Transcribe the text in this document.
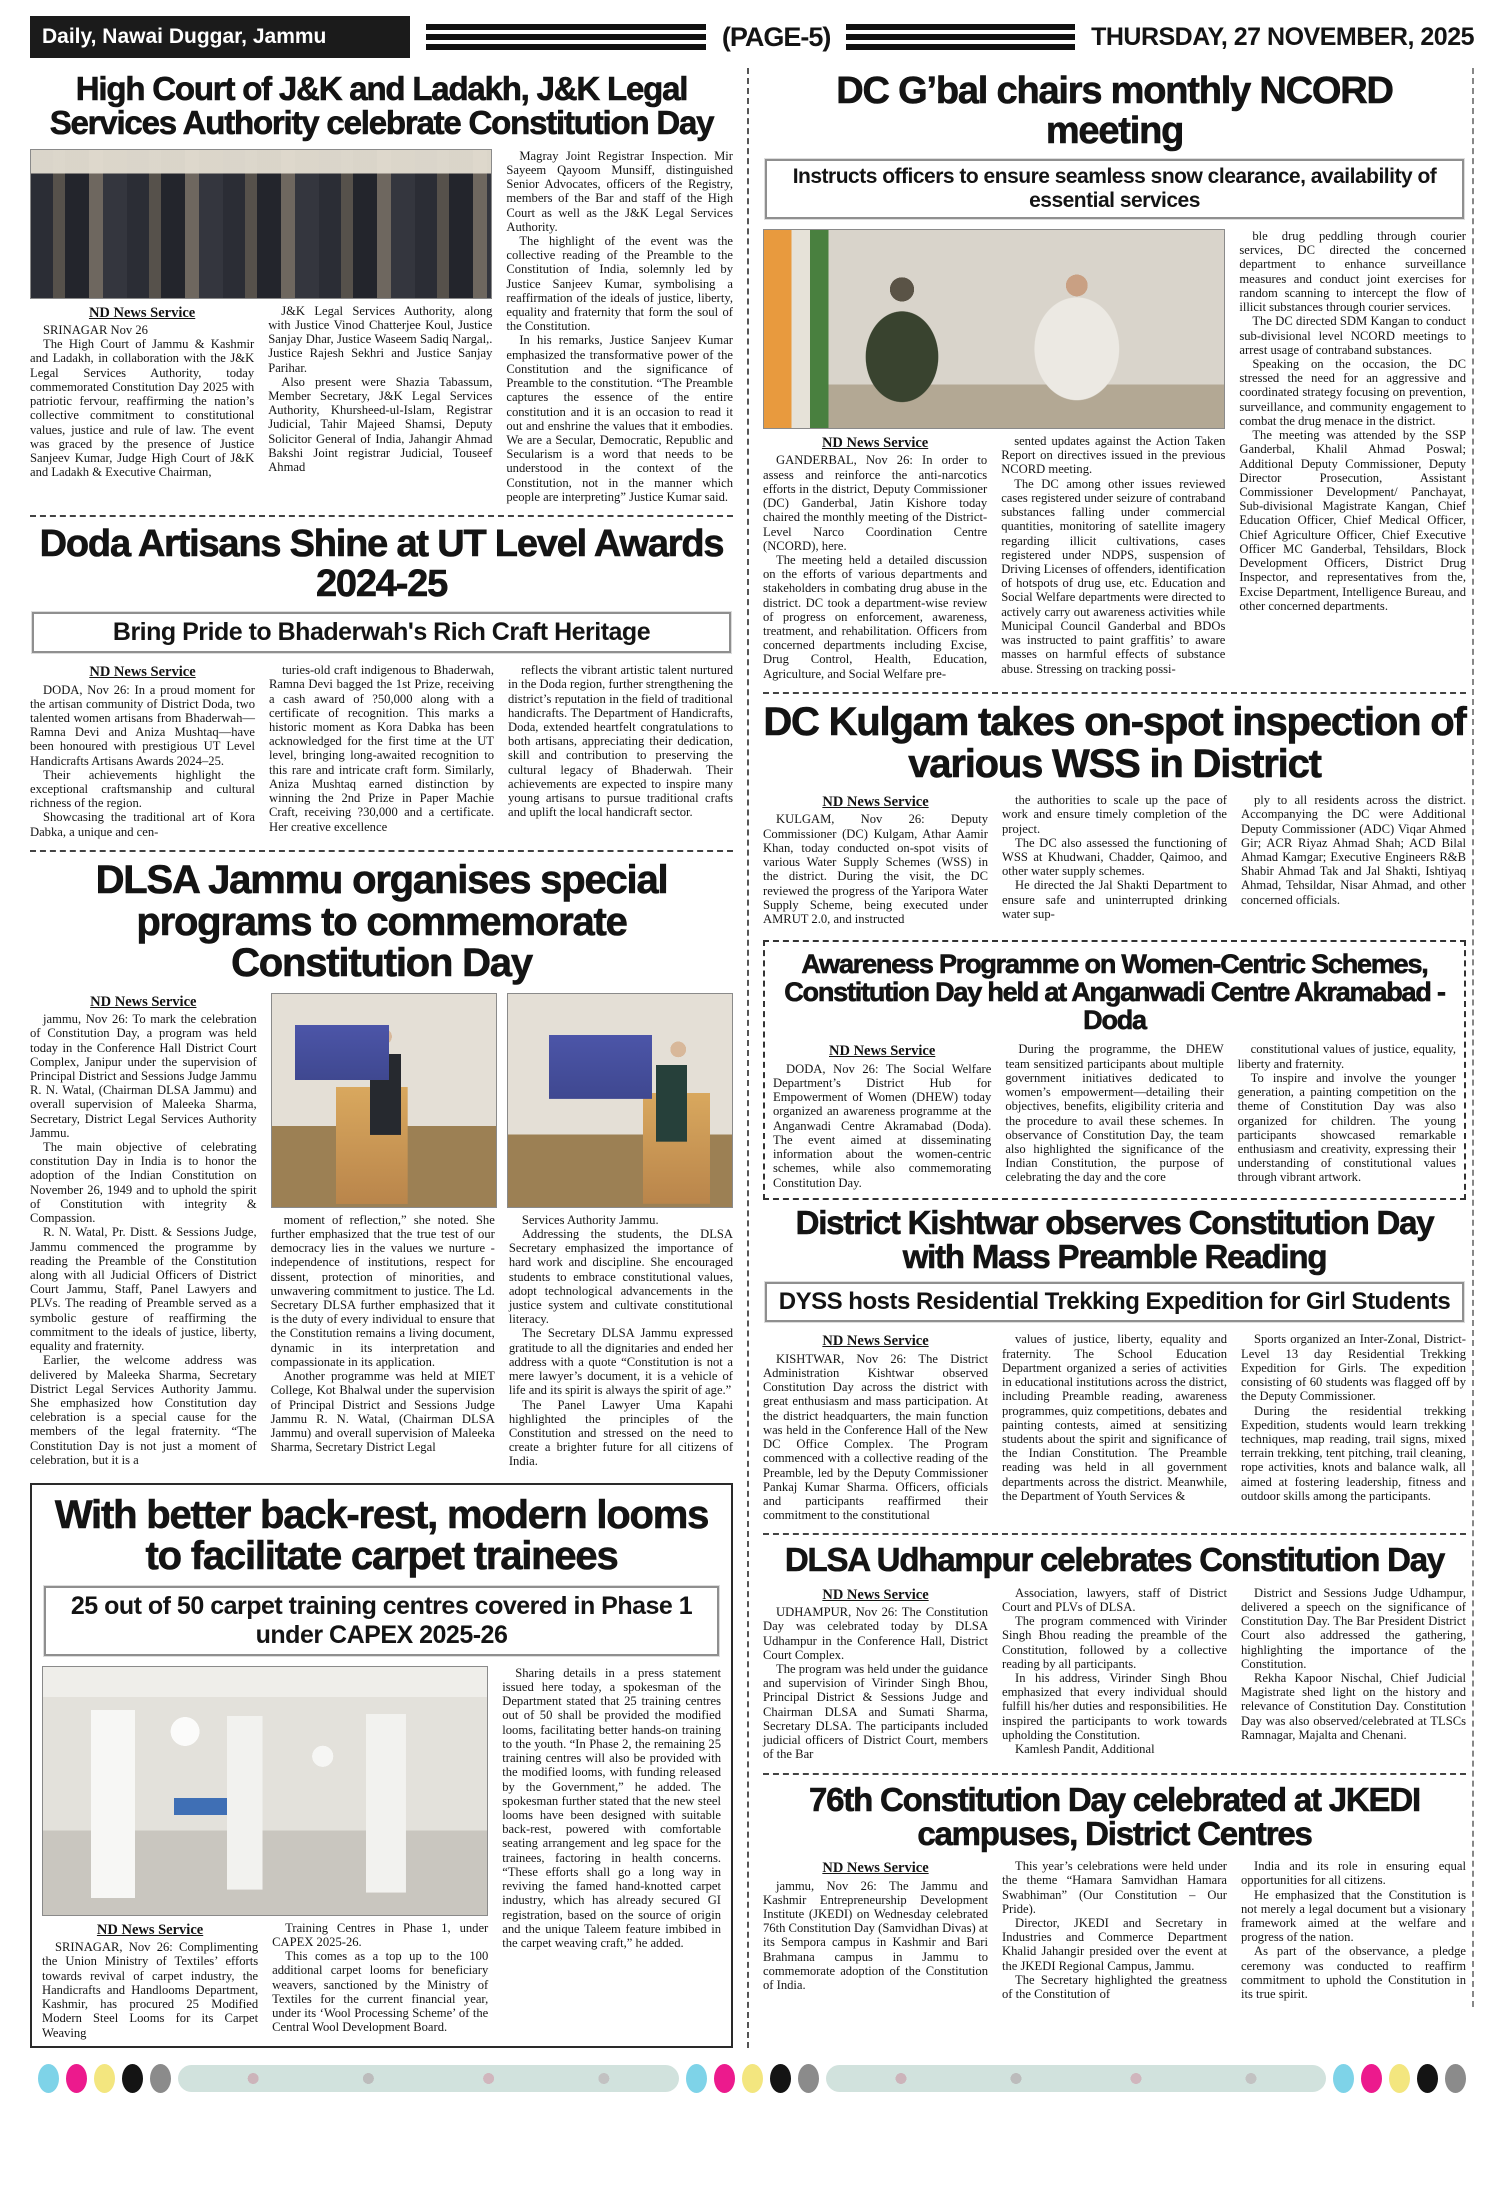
Daily, Nawai Duggar, Jammu	(PAGE-5)	THURSDAY, 27 NOVEMBER, 2025
High Court of J&K and Ladakh, J&K Legal Services Authority celebrate Constitution Day
ND News Service

SRINAGAR Nov 26

The High Court of Jammu & Kashmir and Ladakh, in collaboration with the J&K Legal Services Authority, today commemorated Constitution Day 2025 with patriotic fervour, reaffirming the nation’s collective commitment to constitutional values, justice and rule of law. The event was graced by the presence of Justice Sanjeev Kumar, Judge High Court of J&K and Ladakh & Executive Chairman,

J&K Legal Services Authority, along with Justice Vinod Chatterjee Koul, Justice Sanjay Dhar, Justice Waseem Sadiq Nargal,. Justice Rajesh Sekhri and Justice Sanjay Parihar.

Also present were Shazia Tabassum, Member Secretary, J&K Legal Services Authority, Khursheed-ul-Islam, Registrar Judicial, Tahir Majeed Shamsi, Deputy Solicitor General of India, Jahangir Ahmad Bakshi Joint registrar Judicial, Touseef Ahmad

Magray Joint Registrar Inspection. Mir Sayeem Qayoom Munsiff, distinguished Senior Advocates, officers of the Registry, members of the Bar and staff of the High Court as well as the J&K Legal Services Authority.

The highlight of the event was the collective reading of the Preamble to the Constitution of India, solemnly led by Justice Sanjeev Kumar, symbolising a reaffirmation of the ideals of justice, liberty, equality and fraternity that form the soul of the Constitution.

In his remarks, Justice Sanjeev Kumar emphasized the transformative power of the Constitution and the significance of Preamble to the constitution. “The Preamble captures the essence of the entire constitution and it is an occasion to read it out and enshrine the values that it embodies. We are a Secular, Democratic, Republic and Secularism is a word that needs to be understood in the context of the Constitution, not in the manner which people are interpreting” Justice Kumar said.

Doda Artisans Shine at UT Level Awards 2024-25
Bring Pride to Bhaderwah's Rich Craft Heritage
ND News Service

DODA, Nov 26: In a proud moment for the artisan community of District Doda, two talented women artisans from Bhaderwah—Ramna Devi and Aniza Mushtaq—have been honoured with prestigious UT Level Handicrafts Artisans Awards 2024–25.

Their achievements highlight the exceptional craftsmanship and cultural richness of the region.

Showcasing the traditional art of Kora Dabka, a unique and cen-

turies-old craft indigenous to Bhaderwah, Ramna Devi bagged the 1st Prize, receiving a cash award of ?50,000 along with a certificate of recognition. This marks a historic moment as Kora Dabka has been acknowledged for the first time at the UT level, bringing long-awaited recognition to this rare and intricate craft form. Similarly, Aniza Mushtaq earned distinction by winning the 2nd Prize in Paper Machie Craft, receiving ?30,000 and a certificate. Her creative excellence

reflects the vibrant artistic talent nurtured in the Doda region, further strengthening the district’s reputation in the field of traditional handicrafts. The Department of Handicrafts, Doda, extended heartfelt congratulations to both artisans, appreciating their dedication, skill and contribution to preserving the cultural legacy of Bhaderwah. Their achievements are expected to inspire many young artisans to pursue traditional crafts and uplift the local handicraft sector.

DLSA Jammu organises special programs to commemorate Constitution Day
ND News Service

jammu, Nov 26: To mark the celebration of Constitution Day, a program was held today in the Conference Hall District Court Complex, Janipur under the supervision of Principal District and Sessions Judge Jammu R. N. Watal, (Chairman DLSA Jammu) and overall supervision of Maleeka Sharma, Secretary, District Legal Services Authority Jammu.

The main objective of celebrating constitution Day in India is to honor the adoption of the Indian Constitution on November 26, 1949 and to uphold the spirit of Constitution with integrity & Compassion.

R. N. Watal, Pr. Distt. & Sessions Judge, Jammu commenced the programme by reading the Preamble of the Constitution along with all Judicial Officers of District Court Jammu, Staff, Panel Lawyers and PLVs. The reading of Preamble served as a symbolic gesture of reaffirming the commitment to the ideals of justice, liberty, equality and fraternity.

Earlier, the welcome address was delivered by Maleeka Sharma, Secretary District Legal Services Authority Jammu. She emphasized how Constitution day celebration is a special cause for the members of the legal fraternity. “The Constitution Day is not just a moment of celebration, but it is a

moment of reflection,” she noted. She further emphasized that the true test of our democracy lies in the values we nurture - independence of institutions, respect for dissent, protection of minorities, and unwavering commitment to justice. The Ld. Secretary DLSA further emphasized that it is the duty of every individual to ensure that the Constitution remains a living document, dynamic in its interpretation and compassionate in its application.

Another programme was held at MIET College, Kot Bhalwal under the supervision of Principal District and Sessions Judge Jammu R. N. Watal, (Chairman DLSA Jammu) and overall supervision of Maleeka Sharma, Secretary District Legal

Services Authority Jammu.

Addressing the students, the DLSA Secretary emphasized the importance of hard work and discipline. She encouraged students to embrace constitutional values, adopt technological advancements in the justice system and cultivate constitutional literacy.

The Secretary DLSA Jammu expressed gratitude to all the dignitaries and ended her address with a quote “Constitution is not a mere lawyer’s document, it is a vehicle of life and its spirit is always the spirit of age.”

The Panel Lawyer Uma Kapahi highlighted the principles of the Constitution and stressed on the need to create a brighter future for all citizens of India.

With better back-rest, modern looms to facilitate carpet trainees
25 out of 50 carpet training centres covered in Phase 1 under CAPEX 2025-26
ND News Service

SRINAGAR, Nov 26: Complimenting the Union Ministry of Textiles’ efforts towards revival of carpet industry, the Handicrafts and Handlooms Department, Kashmir, has procured 25 Modified Modern Steel Looms for its Carpet Weaving

Training Centres in Phase 1, under CAPEX 2025-26.

This comes as a top up to the 100 additional carpet looms for beneficiary weavers, sanctioned by the Ministry of Textiles for the current financial year, under its ‘Wool Processing Scheme’ of the Central Wool Development Board.

Sharing details in a press statement issued here today, a spokesman of the Department stated that 25 training centres out of 50 shall be provided the modified looms, facilitating better hands-on training to the youth. “In Phase 2, the remaining 25 training centres will also be provided with the modified looms, with funding released by the Government,” he added. The spokesman further stated that the new steel looms have been designed with suitable back-rest, powered with comfortable seating arrangement and leg space for the trainees, factoring in health concerns. “These efforts shall go a long way in reviving the famed hand-knotted carpet industry, which has already secured GI registration, based on the source of origin and the unique Taleem feature imbibed in the carpet weaving craft,” he added.

DC G’bal chairs monthly NCORD meeting
Instructs officers to ensure seamless snow clearance, availability of essential services
ND News Service

GANDERBAL, Nov 26: In order to assess and reinforce the anti-narcotics efforts in the district, Deputy Commissioner (DC) Ganderbal, Jatin Kishore today chaired the monthly meeting of the District-Level Narco Coordination Centre (NCORD), here.

The meeting held a detailed discussion on the efforts of various departments and stakeholders in combating drug abuse in the district. DC took a department-wise review of progress on enforcement, awareness, treatment, and rehabilitation. Officers from concerned departments including Excise, Drug Control, Health, Education, Agriculture, and Social Welfare pre-

sented updates against the Action Taken Report on directives issued in the previous NCORD meeting.

The DC among other issues reviewed cases registered under seizure of contraband substances falling under commercial quantities, monitoring of satellite imagery regarding illicit cultivations, cases registered under NDPS, suspension of Driving Licenses of offenders, identification of hotspots of drug use, etc. Education and Social Welfare departments were directed to actively carry out awareness activities while Municipal Council Ganderbal and BDOs was instructed to paint graffitis’ to aware masses on harmful effects of substance abuse. Stressing on tracking possi-

ble drug peddling through courier services, DC directed the concerned department to enhance surveillance measures and conduct joint exercises for random scanning to intercept the flow of illicit substances through courier services.

The DC directed SDM Kangan to conduct sub-divisional level NCORD meetings to arrest usage of contraband substances.

Speaking on the occasion, the DC stressed the need for an aggressive and coordinated strategy focusing on prevention, surveillance, and community engagement to combat the drug menace in the district.

The meeting was attended by the SSP Ganderbal, Khalil Ahmad Poswal; Additional Deputy Commissioner, Deputy Director Prosecution, Assistant Commissioner Development/ Panchayat, Sub-divisional Magistrate Kangan, Chief Education Officer, Chief Medical Officer, Chief Agriculture Officer, Chief Executive Officer MC Ganderbal, Tehsildars, Block Development Officers, District Drug Inspector, and representatives from the, Excise Department, Intelligence Bureau, and other concerned departments.

DC Kulgam takes on-spot inspection of various WSS in District
ND News Service

KULGAM, Nov 26: Deputy Commissioner (DC) Kulgam, Athar Aamir Khan, today conducted on-spot visits of various Water Supply Schemes (WSS) in the district. During the visit, the DC reviewed the progress of the Yaripora Water Supply Scheme, being executed under AMRUT 2.0, and instructed

the authorities to scale up the pace of work and ensure timely completion of the project.

The DC also assessed the functioning of WSS at Khudwani, Chadder, Qaimoo, and other water supply schemes.

He directed the Jal Shakti Department to ensure safe and uninterrupted drinking water sup-

ply to all residents across the district. Accompanying the DC were Additional Deputy Commissioner (ADC) Viqar Ahmed Gir; ACR Riyaz Ahmad Shah; ACD Bilal Ahmad Kamgar; Executive Engineers R&B Shabir Ahmad Tak and Jal Shakti, Ishtiyaq Ahmad, Tehsildar, Nisar Ahmad, and other concerned officials.

Awareness Programme on Women-Centric Schemes, Constitution Day held at Anganwadi Centre Akramabad -Doda
ND News Service

DODA, Nov 26: The Social Welfare Department’s District Hub for Empowerment of Women (DHEW) today organized an awareness programme at the Anganwadi Centre Akramabad (Doda). The event aimed at disseminating information about the women-centric schemes, while also commemorating Constitution Day.

During the programme, the DHEW team sensitized participants about multiple government initiatives dedicated to women’s empowerment—detailing their objectives, benefits, eligibility criteria and the procedure to avail these schemes. In observance of Constitution Day, the team also highlighted the significance of the Indian Constitution, the purpose of celebrating the day and the core

constitutional values of justice, equality, liberty and fraternity.

To inspire and involve the younger generation, a painting competition on the theme of Constitution Day was also organized for children. The young participants showcased remarkable enthusiasm and creativity, expressing their understanding of constitutional values through vibrant artwork.

District Kishtwar observes Constitution Day with Mass Preamble Reading
DYSS hosts Residential Trekking Expedition for Girl Students
ND News Service

KISHTWAR, Nov 26: The District Administration Kishtwar observed Constitution Day across the district with great enthusiasm and mass participation. At the district headquarters, the main function was held in the Conference Hall of the New DC Office Complex. The Program commenced with a collective reading of the Preamble, led by the Deputy Commissioner Pankaj Kumar Sharma. Officers, officials and participants reaffirmed their commitment to the constitutional

values of justice, liberty, equality and fraternity. The School Education Department organized a series of activities in educational institutions across the district, including Preamble reading, awareness programmes, quiz competitions, debates and painting contests, aimed at sensitizing students about the spirit and significance of the Indian Constitution. The Preamble reading was held in all government departments across the district. Meanwhile, the Department of Youth Services &

Sports organized an Inter-Zonal, District-Level 13 day Residential Trekking Expedition for Girls. The expedition consisting of 60 students was flagged off by the Deputy Commissioner.

During the residential trekking Expedition, students would learn trekking techniques, map reading, trail signs, mixed terrain trekking, tent pitching, trail cleaning, rope activities, knots and balance walk, all aimed at fostering leadership, fitness and outdoor skills among the participants.

DLSA Udhampur celebrates Constitution Day
ND News Service

UDHAMPUR, Nov 26: The Constitution Day was celebrated today by DLSA Udhampur in the Conference Hall, District Court Complex.

The program was held under the guidance and supervision of Virinder Singh Bhou, Principal District & Sessions Judge and Chairman DLSA and Sumati Sharma, Secretary DLSA. The participants included judicial officers of District Court, members of the Bar

Association, lawyers, staff of District Court and PLVs of DLSA.

The program commenced with Virinder Singh Bhou reading the preamble of the Constitution, followed by a collective reading by all participants.

In his address, Virinder Singh Bhou emphasized that every individual should fulfill his/her duties and responsibilities. He inspired the participants to work towards upholding the Constitution.

Kamlesh Pandit, Additional

District and Sessions Judge Udhampur, delivered a speech on the significance of Constitution Day. The Bar President District Court also addressed the gathering, highlighting the importance of the Constitution.

Rekha Kapoor Nischal, Chief Judicial Magistrate shed light on the history and relevance of Constitution Day. Constitution Day was also observed/celebrated at TLSCs Ramnagar, Majalta and Chenani.

76th Constitution Day celebrated at JKEDI campuses, District Centres
ND News Service

jammu, Nov 26: The Jammu and Kashmir Entrepreneurship Development Institute (JKEDI) on Wednesday celebrated 76th Constitution Day (Samvidhan Divas) at its Sempora campus in Kashmir and Bari Brahmana campus in Jammu to commemorate adoption of the Constitution of India.

This year’s celebrations were held under the theme “Hamara Samvidhan Hamara Swabhiman” (Our Constitution – Our Pride).

Director, JKEDI and Secretary in Industries and Commerce Department Khalid Jahangir presided over the event at the JKEDI Regional Campus, Jammu.

The Secretary highlighted the greatness of the Constitution of

India and its role in ensuring equal opportunities for all citizens.

He emphasized that the Constitution is not merely a legal document but a visionary framework aimed at the welfare and progress of the nation.

As part of the observance, a pledge ceremony was conducted to reaffirm commitment to uphold the Constitution in its true spirit.
